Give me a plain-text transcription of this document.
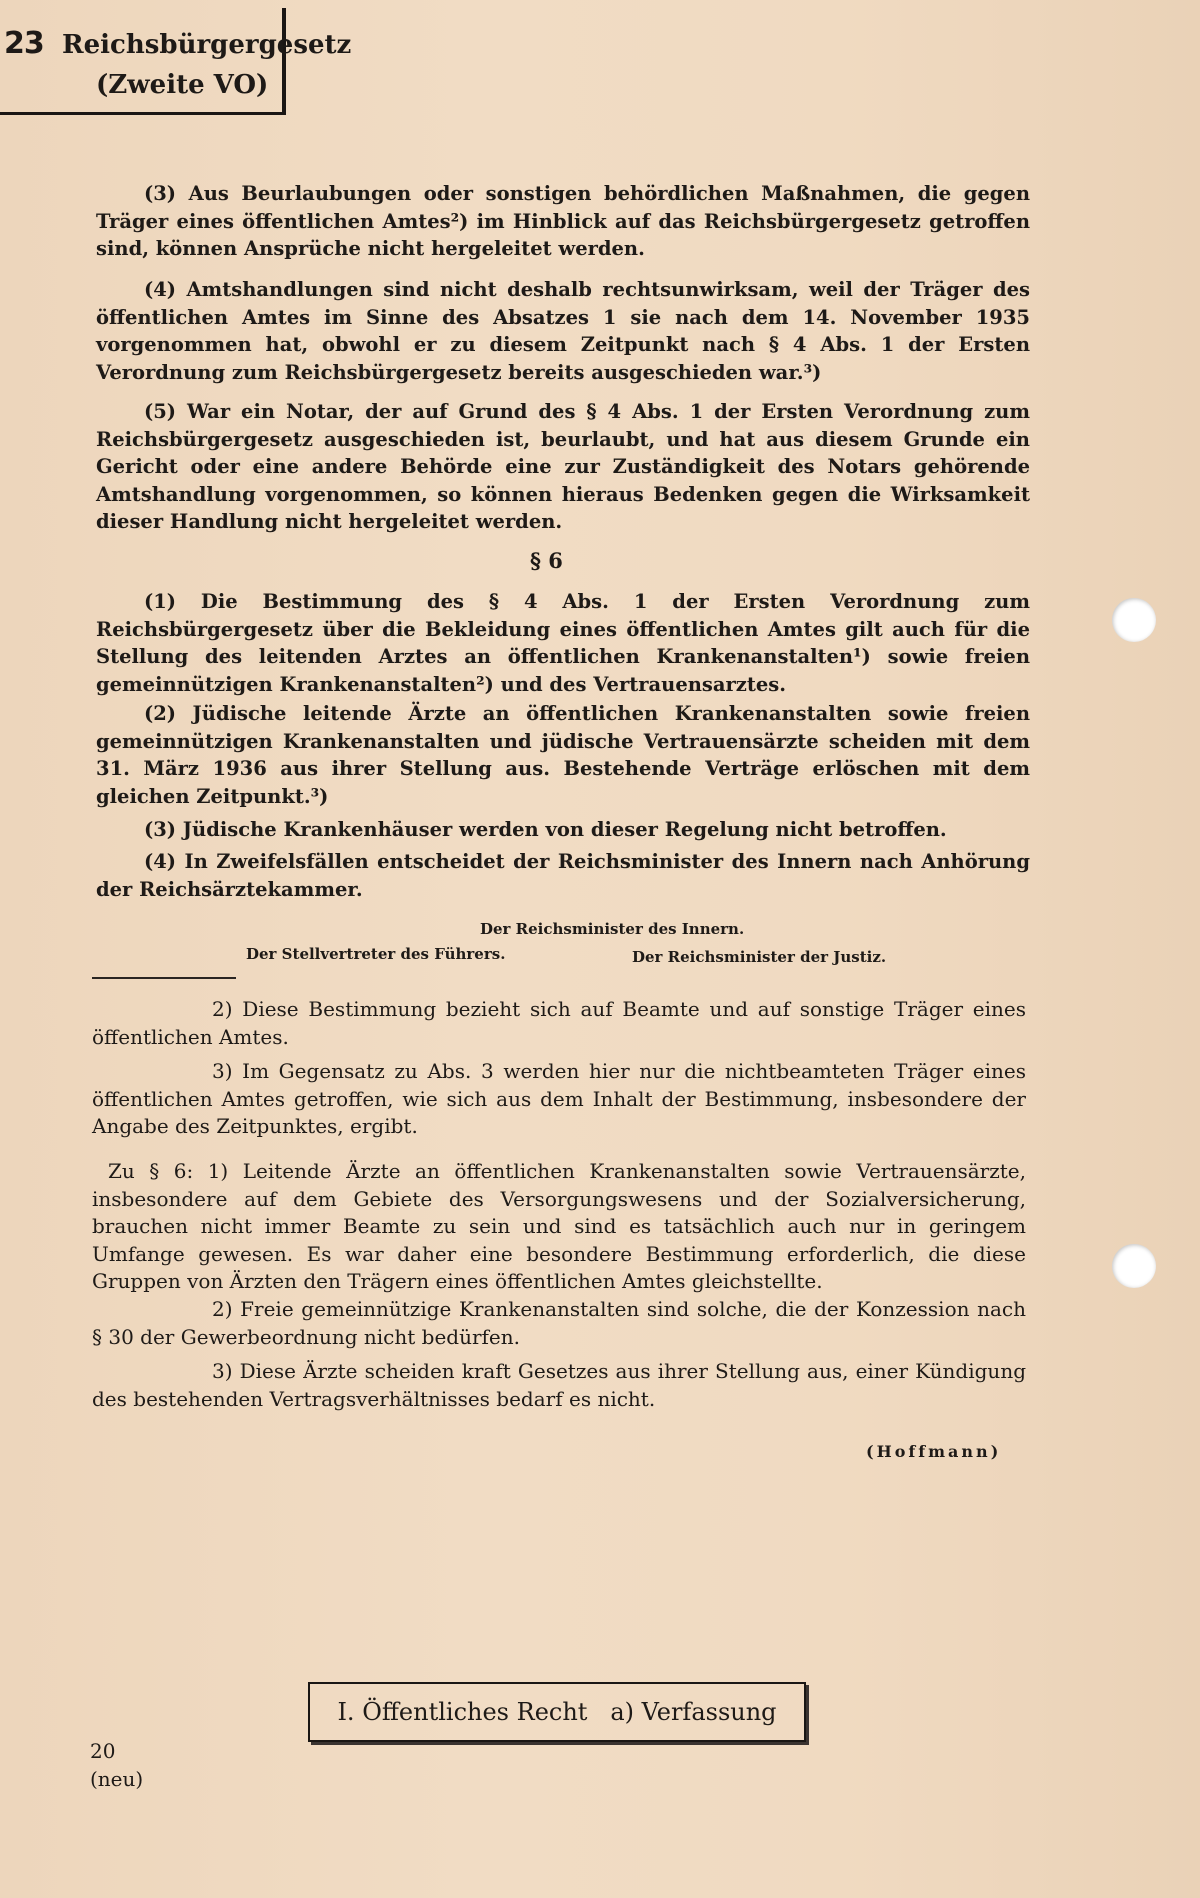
23 Reichsbürgergesetz
(Zweite VO)
(3) Aus Beurlaubungen oder sonstigen behördlichen Maßnahmen, die gegen Träger eines öffentlichen Amtes²) im Hinblick auf das Reichsbürgergesetz getroffen sind, können Ansprüche nicht hergeleitet werden.
(4) Amtshandlungen sind nicht deshalb rechtsunwirksam, weil der Träger des öffentlichen Amtes im Sinne des Absatzes 1 sie nach dem 14. November 1935 vorgenommen hat, obwohl er zu diesem Zeitpunkt nach § 4 Abs. 1 der Ersten Verordnung zum Reichsbürgergesetz bereits ausgeschieden war.³)
(5) War ein Notar, der auf Grund des § 4 Abs. 1 der Ersten Verordnung zum Reichsbürgergesetz ausgeschieden ist, beurlaubt, und hat aus diesem Grunde ein Gericht oder eine andere Behörde eine zur Zuständigkeit des Notars gehörende Amtshandlung vorgenommen, so können hieraus Bedenken gegen die Wirksamkeit dieser Handlung nicht hergeleitet werden.
§ 6
(1) Die Bestimmung des § 4 Abs. 1 der Ersten Verordnung zum Reichsbürgergesetz über die Bekleidung eines öffentlichen Amtes gilt auch für die Stellung des leitenden Arztes an öffentlichen Krankenanstalten¹) sowie freien gemeinnützigen Krankenanstalten²) und des Vertrauensarztes.
(2) Jüdische leitende Ärzte an öffentlichen Krankenanstalten sowie freien gemeinnützigen Krankenanstalten und jüdische Vertrauensärzte scheiden mit dem 31. März 1936 aus ihrer Stellung aus. Bestehende Verträge erlöschen mit dem gleichen Zeitpunkt.³)
(3) Jüdische Krankenhäuser werden von dieser Regelung nicht betroffen.
(4) In Zweifelsfällen entscheidet der Reichsminister des Innern nach Anhörung der Reichsärztekammer.
Der Reichsminister des Innern.
Der Stellvertreter des Führers.	Der Reichsminister der Justiz.
2) Diese Bestimmung bezieht sich auf Beamte und auf sonstige Träger eines öffentlichen Amtes.
3) Im Gegensatz zu Abs. 3 werden hier nur die nichtbeamteten Träger eines öffentlichen Amtes getroffen, wie sich aus dem Inhalt der Bestimmung, insbesondere der Angabe des Zeitpunktes, ergibt.
Zu § 6: 1) Leitende Ärzte an öffentlichen Krankenanstalten sowie Vertrauensärzte, insbesondere auf dem Gebiete des Versorgungswesens und der Sozialversicherung, brauchen nicht immer Beamte zu sein und sind es tatsächlich auch nur in geringem Umfange gewesen. Es war daher eine besondere Bestimmung erforderlich, die diese Gruppen von Ärzten den Trägern eines öffentlichen Amtes gleichstellte.
2) Freie gemeinnützige Krankenanstalten sind solche, die der Konzession nach § 30 der Gewerbeordnung nicht bedürfen.
3) Diese Ärzte scheiden kraft Gesetzes aus ihrer Stellung aus, einer Kündigung des bestehenden Vertragsverhältnisses bedarf es nicht.
(Hoffmann)
I. Öffentliches Recht   a) Verfassung
20
(neu)
